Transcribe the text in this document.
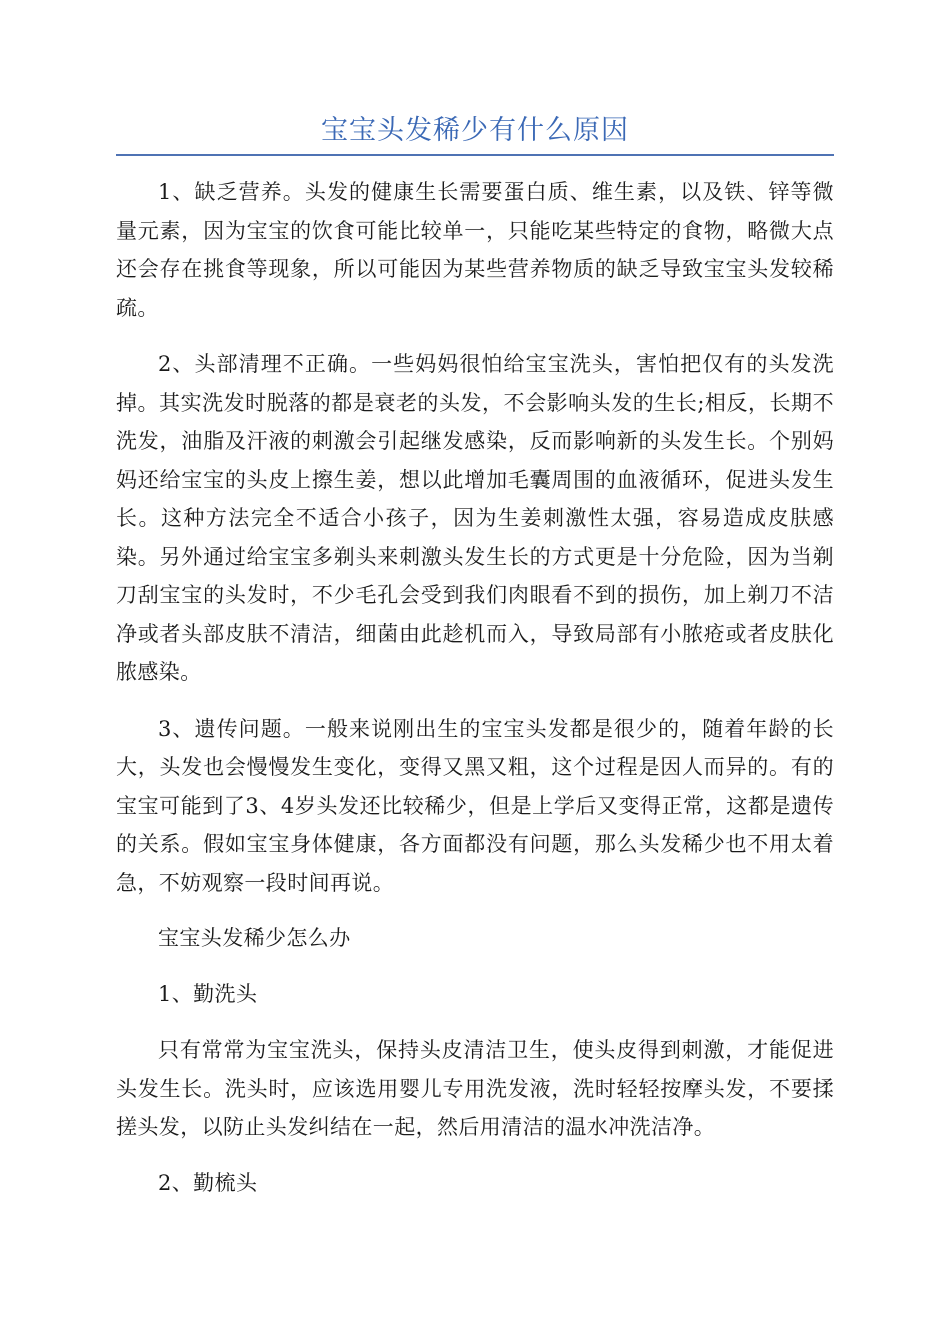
宝宝头发稀少有什么原因

1、缺乏营养。头发的健康生长需要蛋白质、维生素，以及铁、锌等微量元素，因为宝宝的饮食可能比较单一，只能吃某些特定的食物，略微大点还会存在挑食等现象，所以可能因为某些营养物质的缺乏导致宝宝头发较稀疏。

2、头部清理不正确。一些妈妈很怕给宝宝洗头，害怕把仅有的头发洗掉。其实洗发时脱落的都是衰老的头发，不会影响头发的生长;相反，长期不洗发，油脂及汗液的刺激会引起继发感染，反而影响新的头发生长。个别妈妈还给宝宝的头皮上擦生姜，想以此增加毛囊周围的血液循环，促进头发生长。这种方法完全不适合小孩子，因为生姜刺激性太强，容易造成皮肤感染。另外通过给宝宝多剃头来刺激头发生长的方式更是十分危险，因为当剃刀刮宝宝的头发时，不少毛孔会受到我们肉眼看不到的损伤，加上剃刀不洁净或者头部皮肤不清洁，细菌由此趁机而入，导致局部有小脓疮或者皮肤化脓感染。

3、遗传问题。一般来说刚出生的宝宝头发都是很少的，随着年龄的长大，头发也会慢慢发生变化，变得又黑又粗，这个过程是因人而异的。有的宝宝可能到了3、4岁头发还比较稀少，但是上学后又变得正常，这都是遗传的关系。假如宝宝身体健康，各方面都没有问题，那么头发稀少也不用太着急，不妨观察一段时间再说。

宝宝头发稀少怎么办

1、勤洗头

只有常常为宝宝洗头，保持头皮清洁卫生，使头皮得到刺激，才能促进头发生长。洗头时，应该选用婴儿专用洗发液，洗时轻轻按摩头发，不要揉搓头发，以防止头发纠结在一起，然后用清洁的温水冲洗洁净。

2、勤梳头
